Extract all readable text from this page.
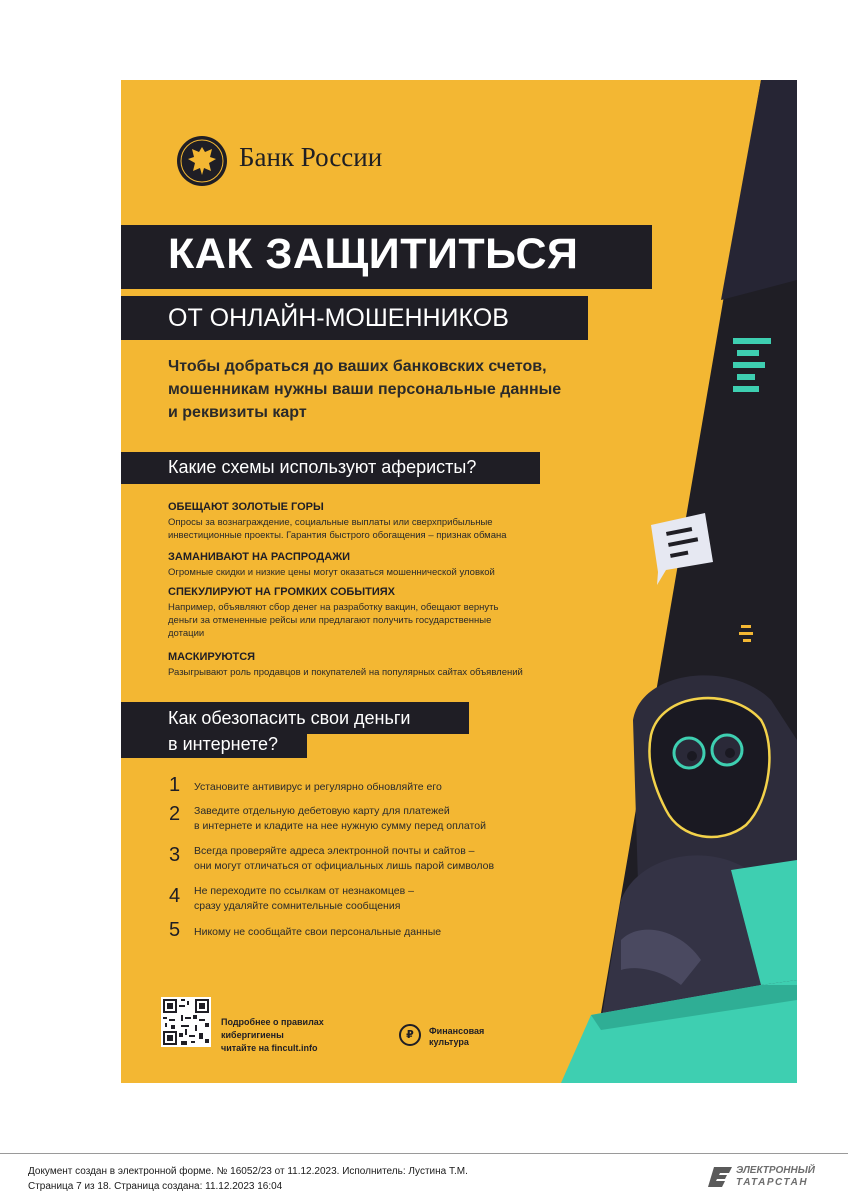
Банк России
КАК ЗАЩИТИТЬСЯ
ОТ ОНЛАЙН-МОШЕННИКОВ
Чтобы добраться до ваших банковских счетов,
мошенникам нужны ваши персональные данные
и реквизиты карт
Какие схемы используют аферисты?
ОБЕЩАЮТ ЗОЛОТЫЕ ГОРЫ
Опросы за вознаграждение, социальные выплаты или сверхприбыльные
инвестиционные проекты. Гарантия быстрого обогащения – признак обмана
ЗАМАНИВАЮТ НА РАСПРОДАЖИ
Огромные скидки и низкие цены могут оказаться мошеннической уловкой
СПЕКУЛИРУЮТ НА ГРОМКИХ СОБЫТИЯХ
Например, объявляют сбор денег на разработку вакцин, обещают вернуть
деньги за отмененные рейсы или предлагают получить государственные
дотации
МАСКИРУЮТСЯ
Разыгрывают роль продавцов и покупателей на популярных сайтах объявлений
Как обезопасить свои деньги
в интернете?
1 Установите антивирус и регулярно обновляйте его
2 Заведите отдельную дебетовую карту для платежей
в интернете и кладите на нее нужную сумму перед оплатой
3 Всегда проверяйте адреса электронной почты и сайтов –
они могут отличаться от официальных лишь парой символов
4 Не переходите по ссылкам от незнакомцев –
сразу удаляйте сомнительные сообщения
5 Никому не сообщайте свои персональные данные
Подробнее о правилах
кибергигиены
читайте на fincult.info
₽	Финансовая
культура
Документ создан в электронной форме. № 16052/23 от 11.12.2023. Исполнитель: Лустина Т.М.
Страница 7 из 18. Страница создана: 11.12.2023 16:04
ЭЛЕКТРОННЫЙ
ТАТАРСТАН
